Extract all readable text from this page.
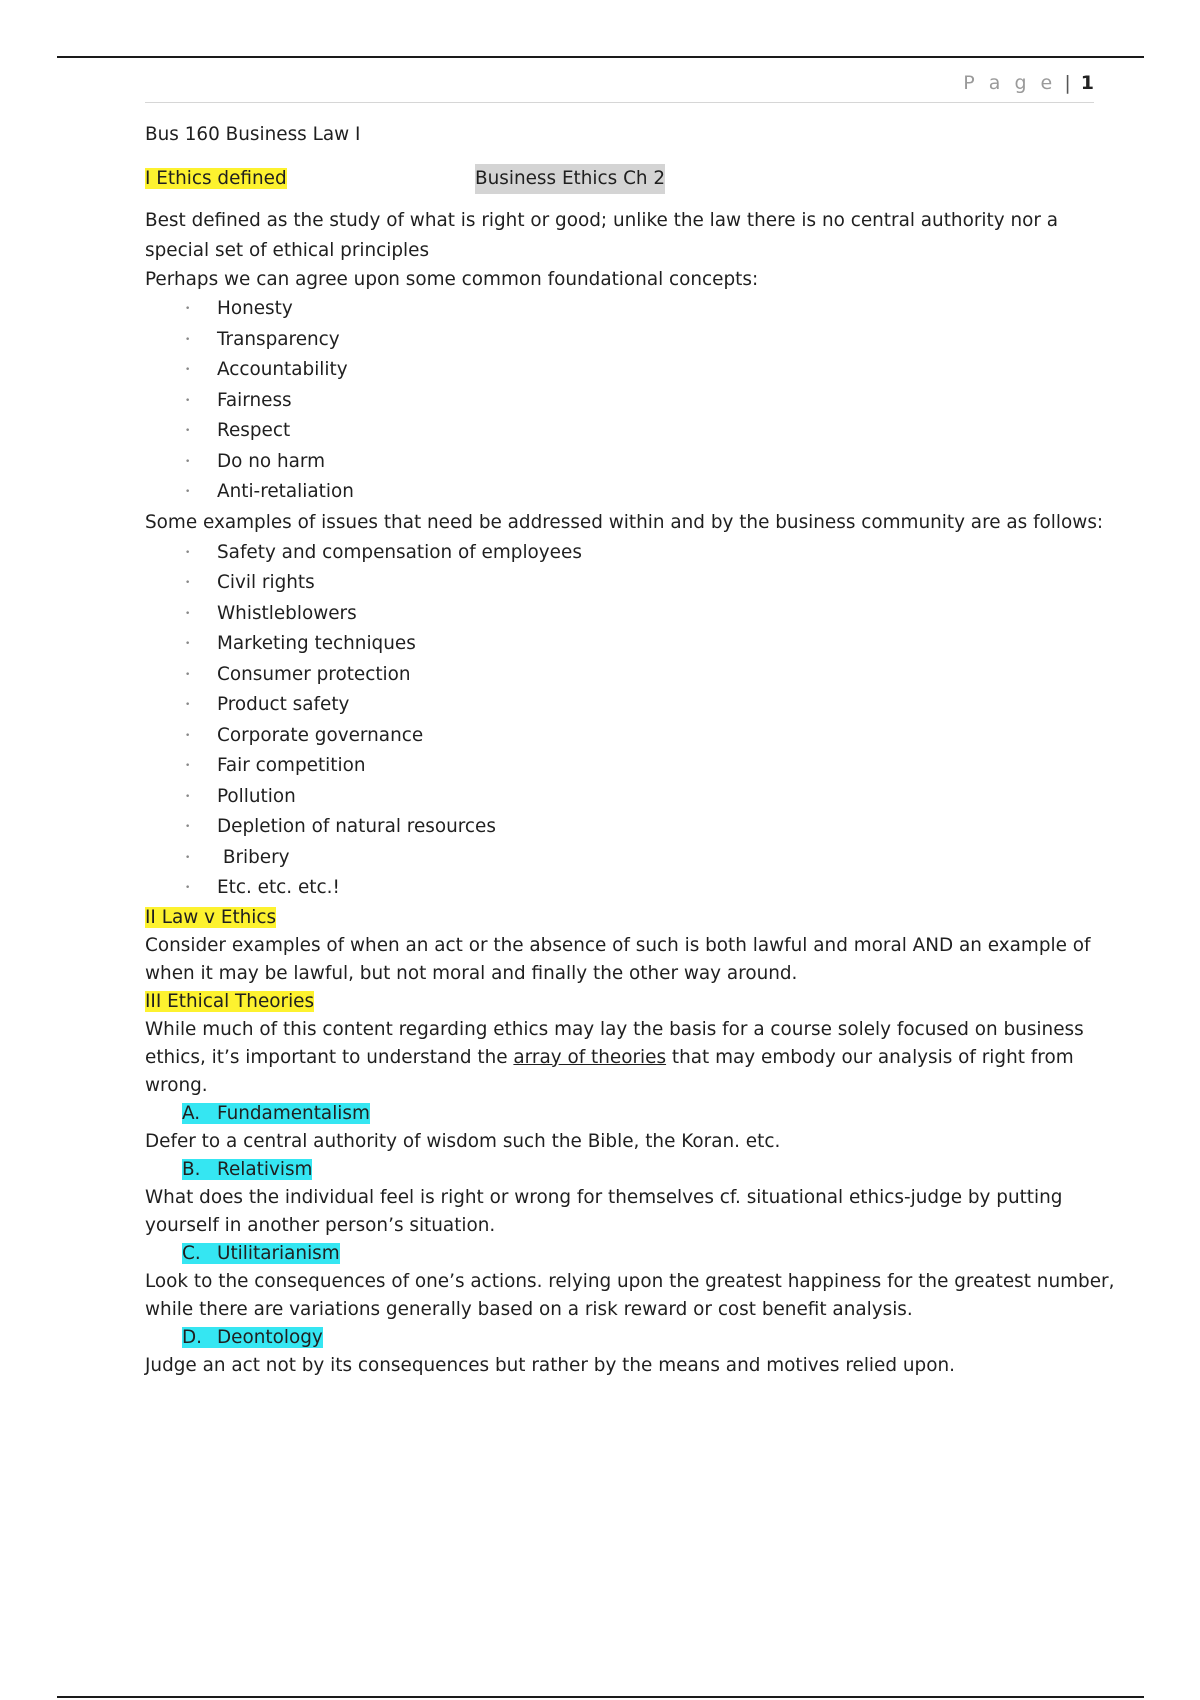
P a g e | 1
Bus 160 Business Law I
I Ethics defined	Business Ethics Ch 2
Best defined as the study of what is right or good; unlike the law there is no central authority nor a
special set of ethical principles
Perhaps we can agree upon some common foundational concepts:
• Honesty
• Transparency
• Accountability
• Fairness
• Respect
• Do no harm
• Anti-retaliation
Some examples of issues that need be addressed within and by the business community are as follows:
• Safety and compensation of employees
• Civil rights
• Whistleblowers
• Marketing techniques
• Consumer protection
• Product safety
• Corporate governance
• Fair competition
• Pollution
• Depletion of natural resources
•  Bribery
• Etc. etc. etc.!
II Law v Ethics
Consider examples of when an act or the absence of such is both lawful and moral AND an example of
when it may be lawful, but not moral and finally the other way around.
III Ethical Theories
While much of this content regarding ethics may lay the basis for a course solely focused on business
ethics, it’s important to understand the array of theories that may embody our analysis of right from
wrong.
A. Fundamentalism
Defer to a central authority of wisdom such the Bible, the Koran. etc.
B. Relativism
What does the individual feel is right or wrong for themselves cf. situational ethics-judge by putting
yourself in another person’s situation.
C. Utilitarianism
Look to the consequences of one’s actions. relying upon the greatest happiness for the greatest number,
while there are variations generally based on a risk reward or cost benefit analysis.
D. Deontology
Judge an act not by its consequences but rather by the means and motives relied upon.
